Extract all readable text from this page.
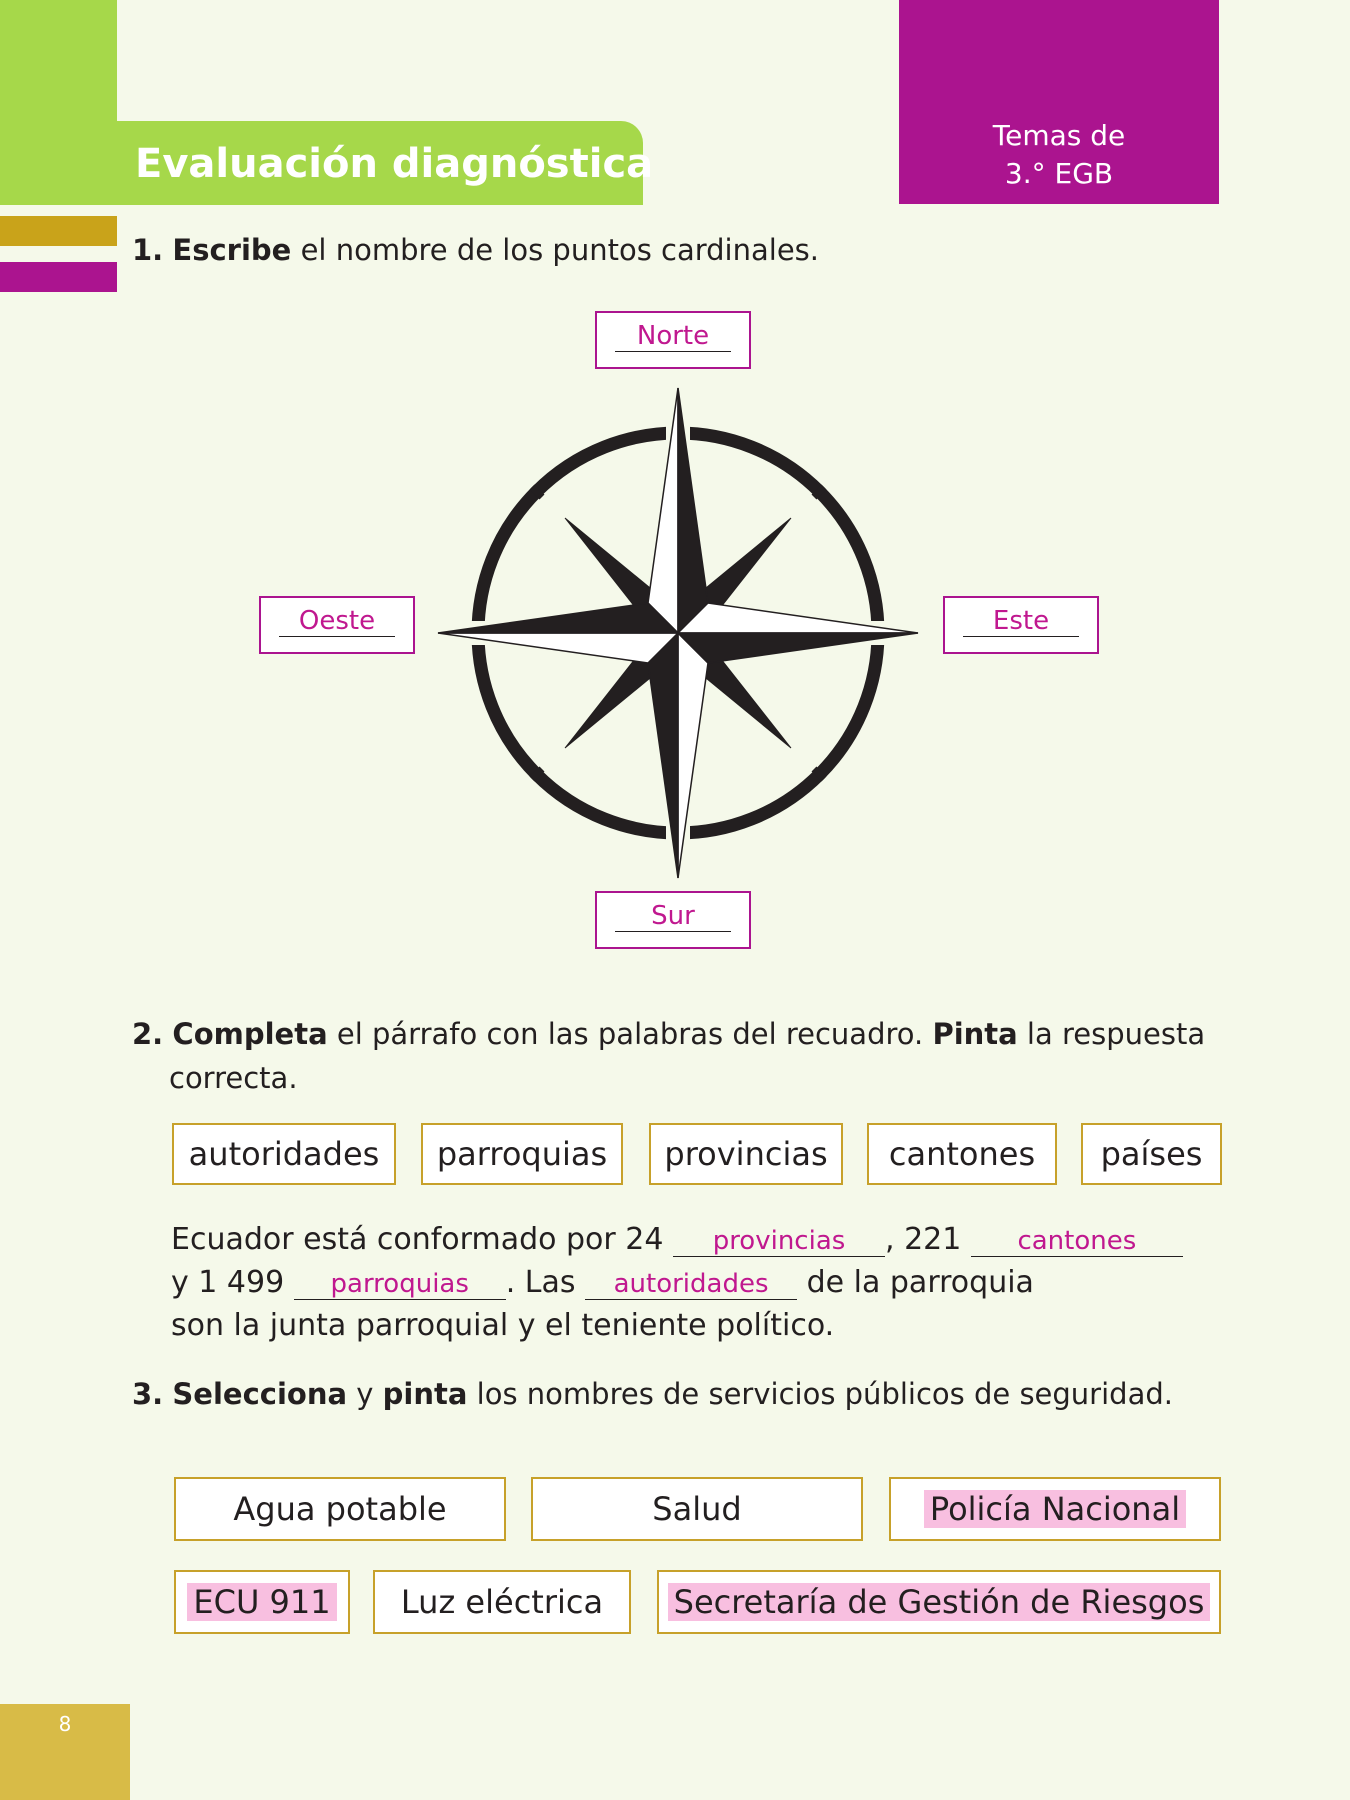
Evaluación diagnóstica
Temas de
3.° EGB
1. Escribe el nombre de los puntos cardinales.
Norte
Oeste	Este
Sur
2. Completa el párrafo con las palabras del recuadro. Pinta la respuesta
correcta.
autoridades	parroquias	provincias	cantones	países
Ecuador está conformado por 24 provincias , 221 cantones
y 1 499 parroquias . Las autoridades de la parroquia
son la junta parroquial y el teniente político.
3. Selecciona y pinta los nombres de servicios públicos de seguridad.
Agua potable	Salud	Policía Nacional
ECU 911	Luz eléctrica	Secretaría de Gestión de Riesgos
8
